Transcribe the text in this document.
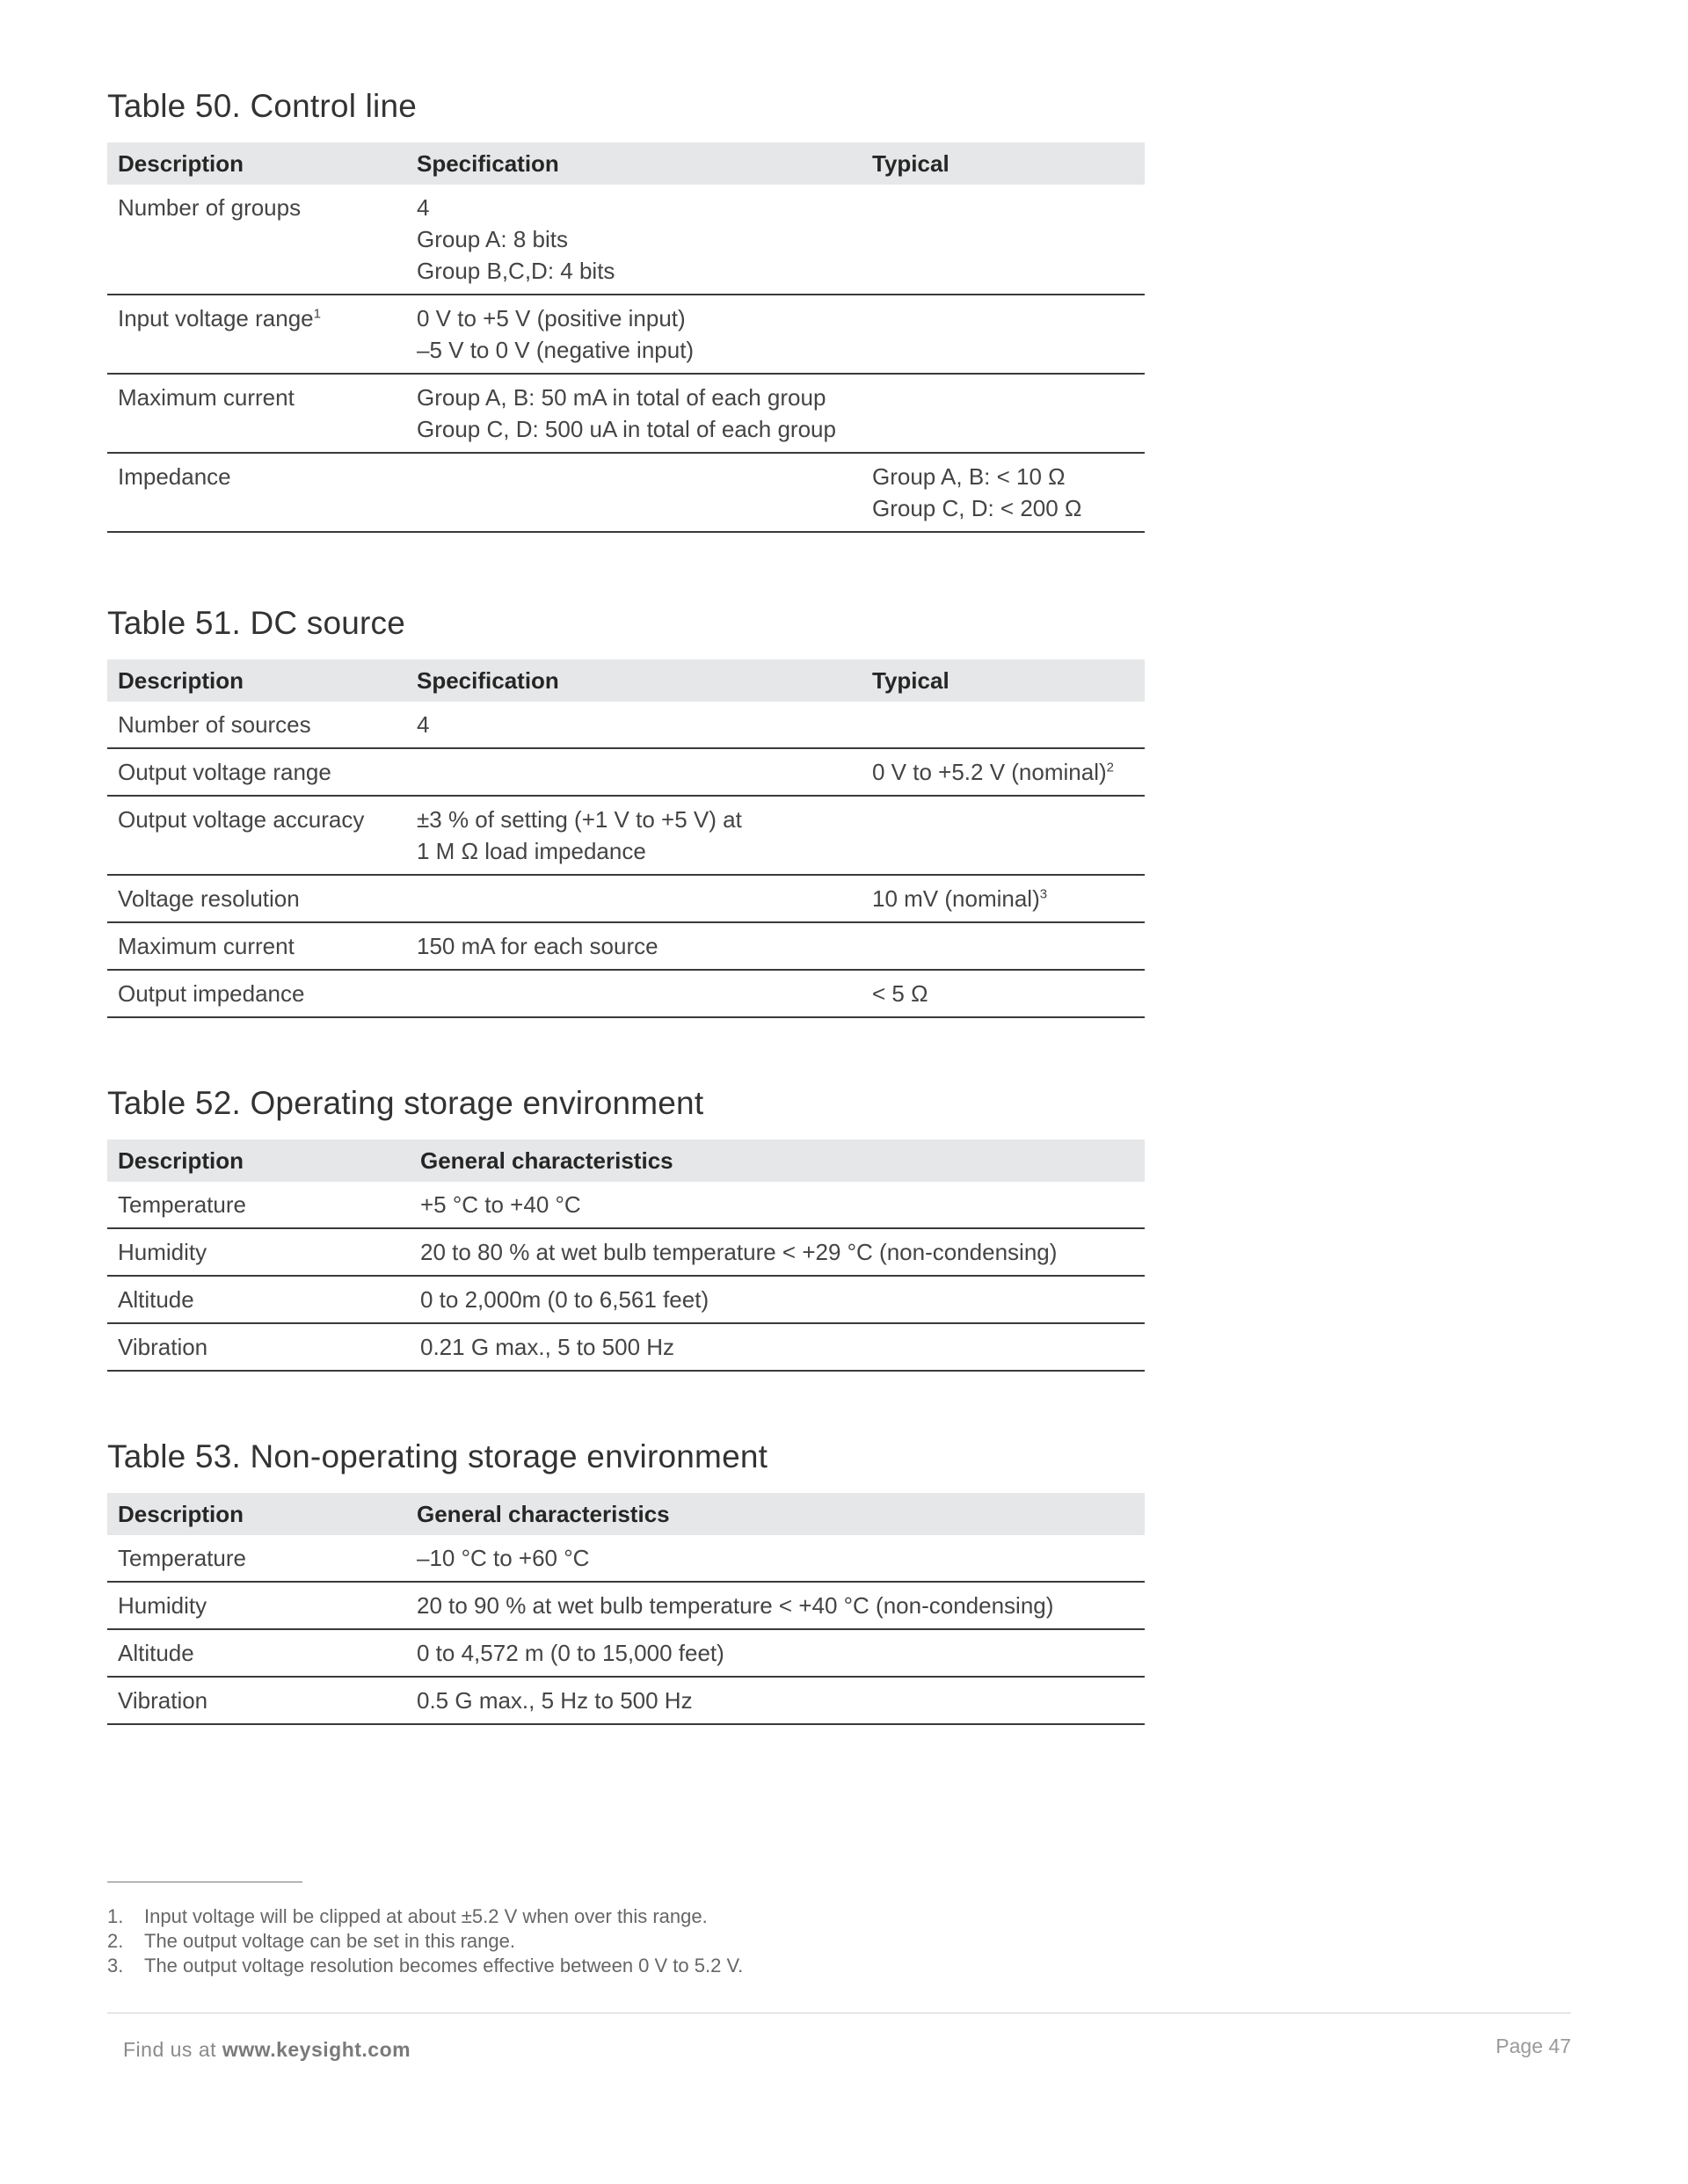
Table 50. Control line
Description	Specification	Typical
Number of groups	4
Group A: 8 bits
Group B,C,D: 4 bits	

Input voltage range$^1$	0 V to +5 V (positive input)
–5 V to 0 V (negative input)	

Maximum current	Group A, B: 50 mA in total of each group
Group C, D: 500 uA in total of each group	

Impedance		Group A, B: < 10 Ω
Group C, D: < 200 Ω
Table 51. DC source
Description	Specification	Typical
Number of sources	4	

Output voltage range		0 V to +5.2 V (nominal)$^2$
Output voltage accuracy	±3 % of setting (+1 V to +5 V) at
1 M Ω load impedance	

Voltage resolution		10 mV (nominal)$^3$
Maximum current	150 mA for each source	

Output impedance		< 5 Ω
Table 52. Operating storage environment
Description	General characteristics
Temperature	+5 °C to +40 °C
Humidity	20 to 80 % at wet bulb temperature < +29 °C (non-condensing)
Altitude	0 to 2,000m (0 to 6,561 feet)
Vibration	0.21 G max., 5 to 500 Hz
Table 53. Non-operating storage environment
Description	General characteristics
Temperature	–10 °C to +60 °C
Humidity	20 to 90 % at wet bulb temperature < +40 °C (non-condensing)
Altitude	0 to 4,572 m (0 to 15,000 feet)
Vibration	0.5 G max., 5 Hz to 500 Hz
1.	Input voltage will be clipped at about ±5.2 V when over this range.
2.	The output voltage can be set in this range.
3.	The output voltage resolution becomes effective between 0 V to 5.2 V.
Find us at www.keysight.com	Page 47
